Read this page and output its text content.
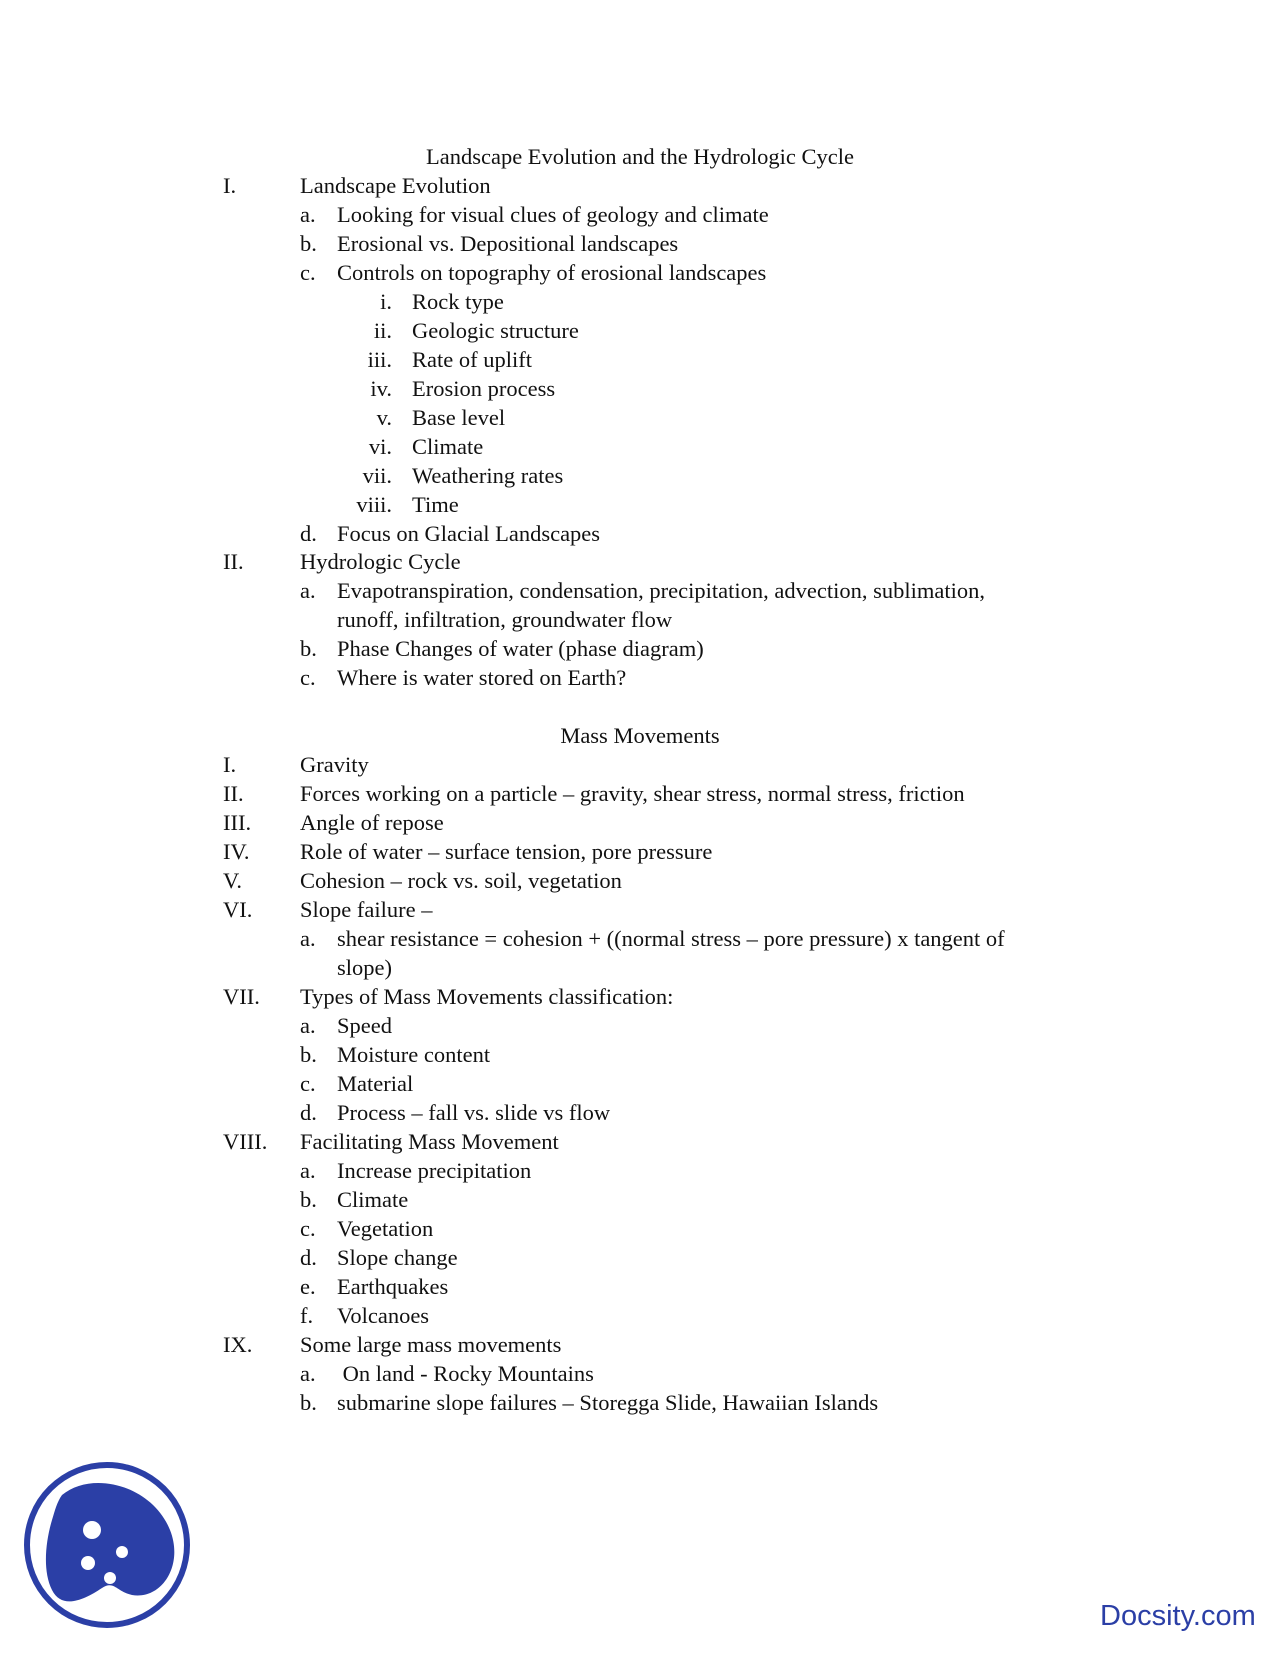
Landscape Evolution and the Hydrologic Cycle
I.	Landscape Evolution
a. Looking for visual clues of geology and climate
b. Erosional vs. Depositional landscapes
c. Controls on topography of erosional landscapes
i. Rock type
ii. Geologic structure
iii. Rate of uplift
iv. Erosion process
v. Base level
vi. Climate
vii. Weathering rates
viii. Time
d. Focus on Glacial Landscapes
II.	Hydrologic Cycle
a. Evapotranspiration, condensation, precipitation, advection, sublimation,
runoff, infiltration, groundwater flow
b. Phase Changes of water (phase diagram)
c. Where is water stored on Earth?
Mass Movements
I.	Gravity
II.	Forces working on a particle – gravity, shear stress, normal stress, friction
III. Angle of repose
IV. Role of water – surface tension, pore pressure
V.	Cohesion – rock vs. soil, vegetation
VI. Slope failure –
a. shear resistance = cohesion + ((normal stress – pore pressure) x tangent of
slope)
VII. Types of Mass Movements classification:
a. Speed
b. Moisture content
c. Material
d. Process – fall vs. slide vs flow
VIII. Facilitating Mass Movement
a. Increase precipitation
b. Climate
c. Vegetation
d. Slope change
e. Earthquakes
f. Volcanoes
IX. Some large mass movements
a. On land - Rocky Mountains
b. submarine slope failures – Storegga Slide, Hawaiian Islands
Docsity.com
